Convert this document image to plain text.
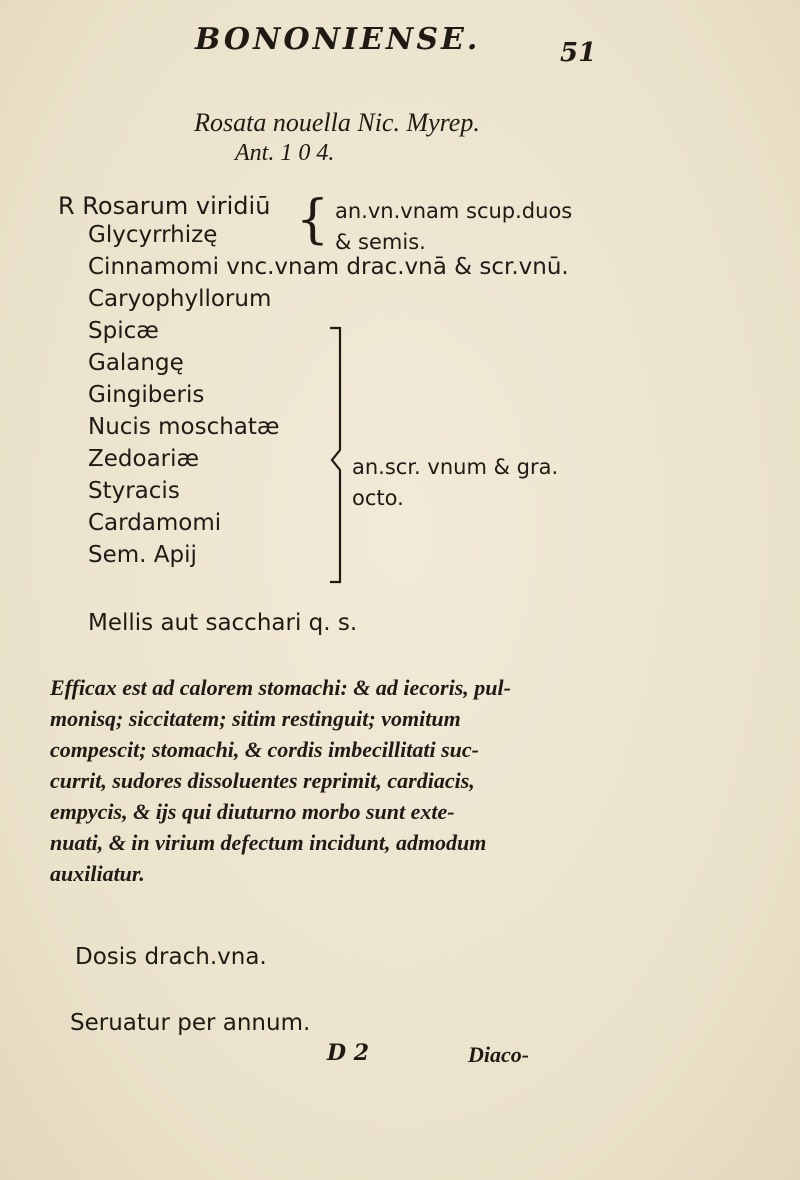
BONONIENSE.	51
Rosata nouella Nic. Myrep.
Ant. 1 0 4.
R Rosarum viridiū { an.vn.vnam scup.duos
& semis.
Glycyrrhizę
Cinnamomi vnc.vnam drac.vnā & scr.vnū.
Caryophyllorum
Spicæ
Galangę
Gingiberis
Nucis moschatæ
Zedoariæ
Styracis
Cardamomi
Sem. Apij
an.scr. vnum & gra.
octo.
Mellis aut sacchari q. s.
Efficax est ad calorem stomachi: & ad iecoris, pul-
monisq; siccitatem; sitim restinguit; vomitum
compescit; stomachi, & cordis imbecillitati suc-
currit, sudores dissoluentes reprimit, cardiacis,
empycis, & ijs qui diuturno morbo sunt exte-
nuati, & in virium defectum incidunt, admodum
auxiliatur.
Dosis drach.vna.
Seruatur per annum.
D 2	Diaco-
